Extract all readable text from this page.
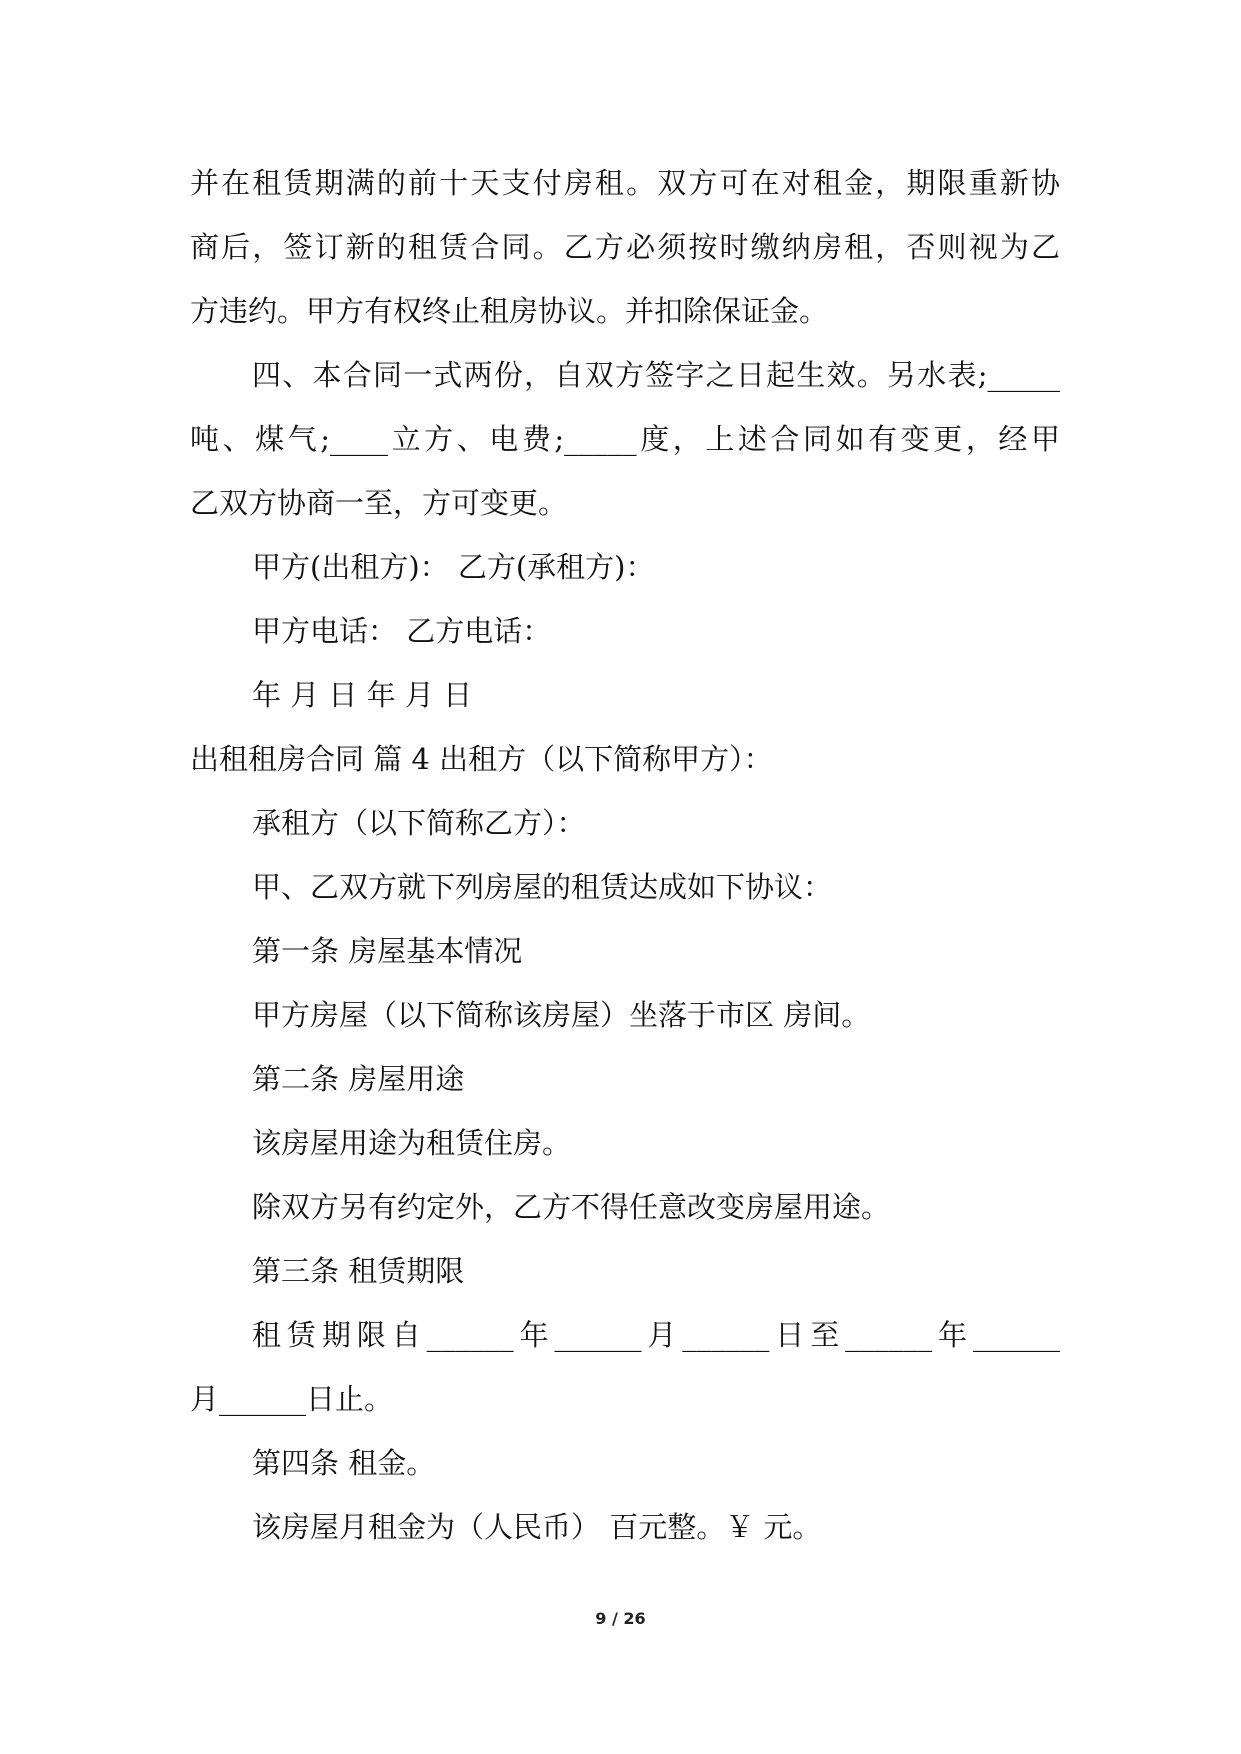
并在租赁期满的前十天支付房租。双方可在对租金，期限重新协
商后，签订新的租赁合同。乙方必须按时缴纳房租，否则视为乙
方违约。甲方有权终止租房协议。并扣除保证金。
四、本合同一式两份，自双方签字之日起生效。另水表;_____
吨、煤气;____立方、电费;_____度，上述合同如有变更，经甲
乙双方协商一至，方可变更。
甲方(出租方)： 乙方(承租方)：
甲方电话： 乙方电话：
年 月 日 年 月 日
出租租房合同 篇 4 出租方（以下简称甲方）：
承租方（以下简称乙方）：
甲、乙双方就下列房屋的租赁达成如下协议：
第一条 房屋基本情况
甲方房屋（以下简称该房屋）坐落于市区 房间。
第二条 房屋用途
该房屋用途为租赁住房。
除双方另有约定外，乙方不得任意改变房屋用途。
第三条 租赁期限
租赁期限自______年______月______日至______年______
月______日止。
第四条 租金。
该房屋月租金为（人民币） 百元整。￥ 元。
9 / 26
